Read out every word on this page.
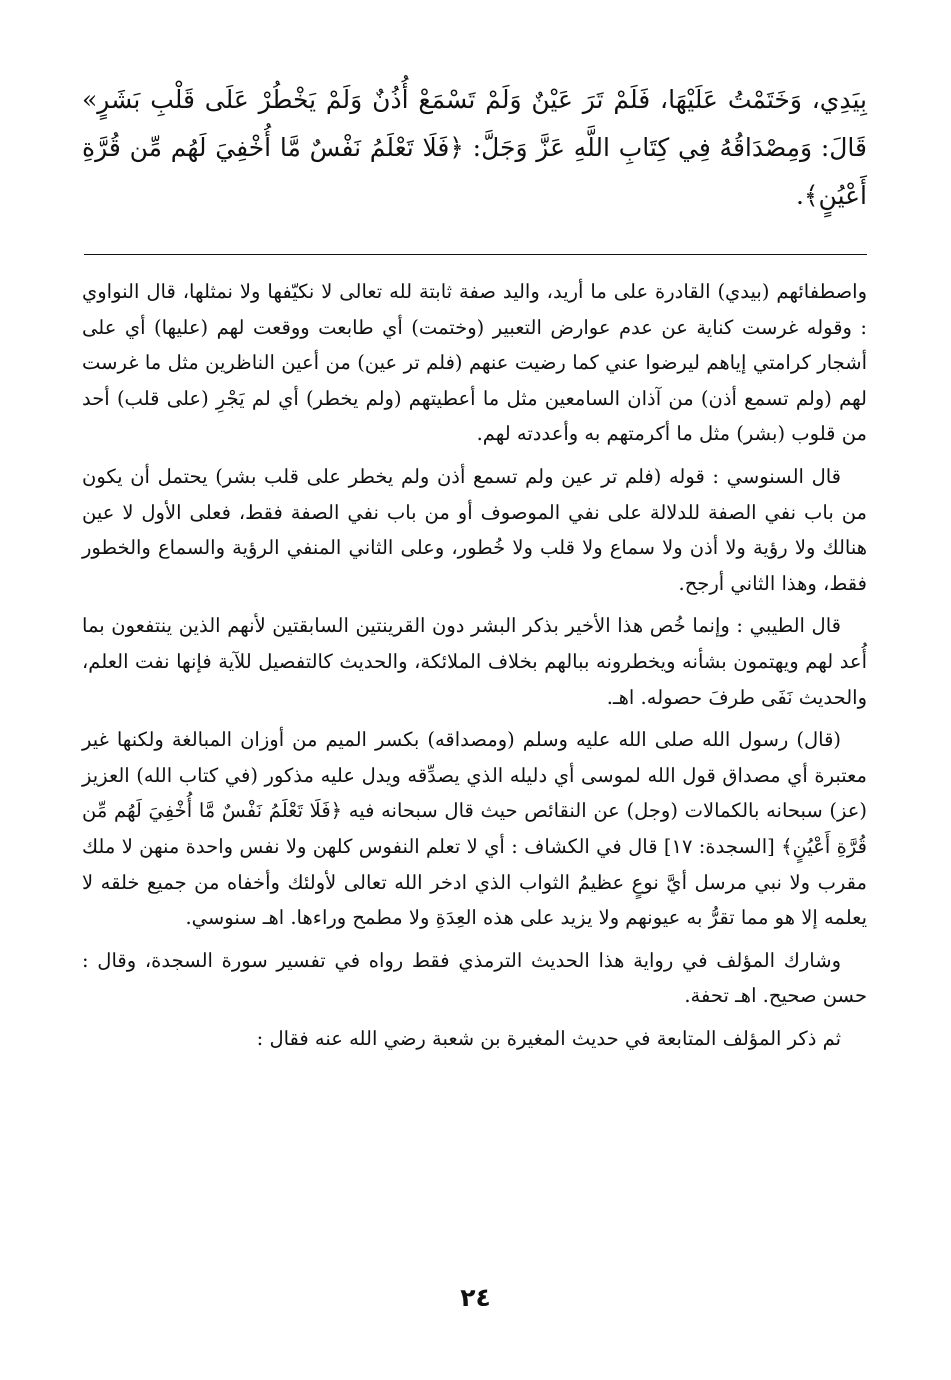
بِيَدِي، وَخَتَمْتُ عَلَيْهَا، فَلَمْ تَرَ عَيْنٌ وَلَمْ تَسْمَعْ أُذُنٌ وَلَمْ يَخْطُرْ عَلَى قَلْبِ بَشَرٍ» قَالَ: وَمِصْدَاقُهُ فِي كِتَابِ اللَّهِ عَزَّ وَجَلَّ: ﴿فَلَا تَعْلَمُ نَفْسٌ مَّا أُخْفِيَ لَهُم مِّن قُرَّةِ أَعْيُنٍ﴾.

واصطفائهم (بيدي) القادرة على ما أريد، واليد صفة ثابتة لله تعالى لا نكيّفها ولا نمثلها، قال النواوي : وقوله غرست كناية عن عدم عوارض التعبير (وختمت) أي طابعت ووقعت لهم (عليها) أي على أشجار كرامتي إياهم ليرضوا عني كما رضيت عنهم (فلم تر عين) من أعين الناظرين مثل ما غرست لهم (ولم تسمع أذن) من آذان السامعين مثل ما أعطيتهم (ولم يخطر) أي لم يَجْرِ (على قلب) أحد من قلوب (بشر) مثل ما أكرمتهم به وأعددته لهم.

قال السنوسي : قوله (فلم تر عين ولم تسمع أذن ولم يخطر على قلب بشر) يحتمل أن يكون من باب نفي الصفة للدلالة على نفي الموصوف أو من باب نفي الصفة فقط، فعلى الأول لا عين هنالك ولا رؤية ولا أذن ولا سماع ولا قلب ولا خُطور، وعلى الثاني المنفي الرؤية والسماع والخطور فقط، وهذا الثاني أرجح.

قال الطيبي : وإنما خُص هذا الأخير بذكر البشر دون القرينتين السابقتين لأنهم الذين ينتفعون بما أُعد لهم ويهتمون بشأنه ويخطرونه ببالهم بخلاف الملائكة، والحديث كالتفصيل للآية فإنها نفت العلم، والحديث نَفَى طرفَ حصوله. اهـ.

(قال) رسول الله صلى الله عليه وسلم (ومصداقه) بكسر الميم من أوزان المبالغة ولكنها غير معتبرة أي مصداق قول الله لموسى أي دليله الذي يصدِّقه ويدل عليه مذكور (في كتاب الله) العزيز (عز) سبحانه بالكمالات (وجل) عن النقائص حيث قال سبحانه فيه ﴿فَلَا تَعْلَمُ نَفْسٌ مَّا أُخْفِيَ لَهُم مِّن قُرَّةِ أَعْيُنٍ﴾ [السجدة: ١٧] قال في الكشاف : أي لا تعلم النفوس كلهن ولا نفس واحدة منهن لا ملك مقرب ولا نبي مرسل أيَّ نوعٍ عظيمُ الثواب الذي ادخر الله تعالى لأولئك وأخفاه من جميع خلقه لا يعلمه إلا هو مما تقرُّ به عيونهم ولا يزيد على هذه العِدَةِ ولا مطمح وراءها. اهـ سنوسي.

وشارك المؤلف في رواية هذا الحديث الترمذي فقط رواه في تفسير سورة السجدة، وقال : حسن صحيح. اهـ تحفة.

ثم ذكر المؤلف المتابعة في حديث المغيرة بن شعبة رضي الله عنه فقال :

٢٤
